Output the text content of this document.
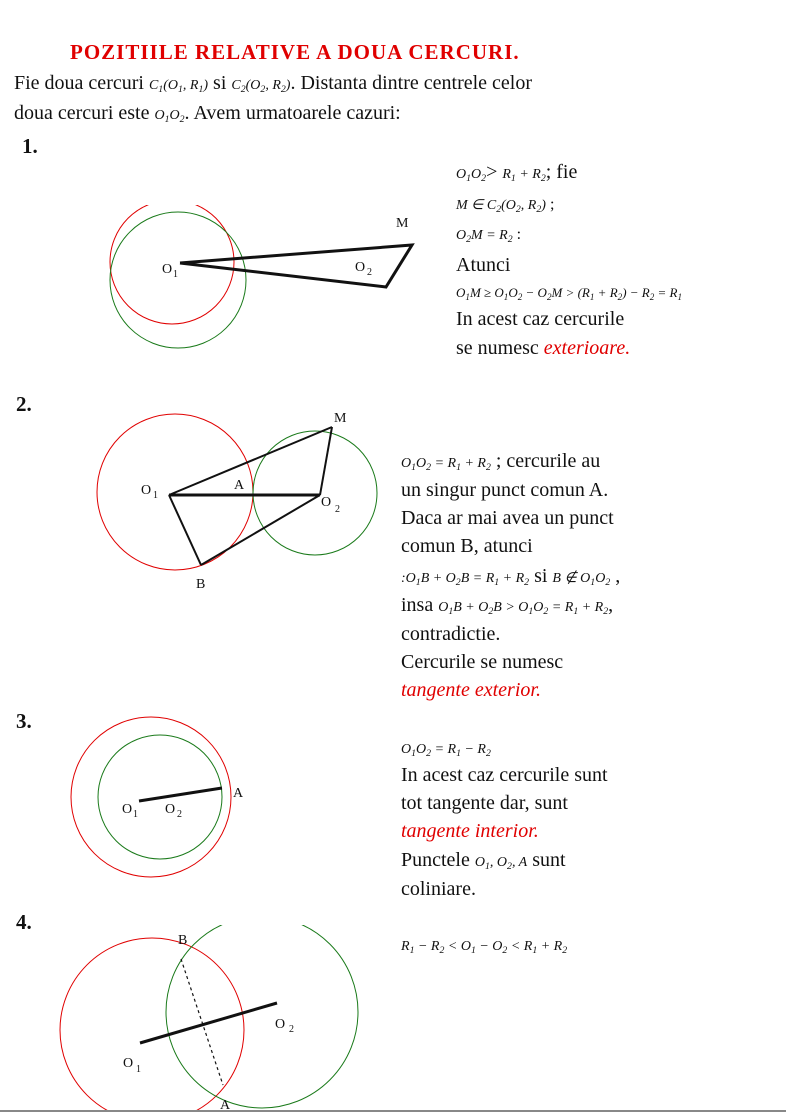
POZITIILE RELATIVE A DOUA CERCURI.
Fie doua cercuri $C_1(O_1$, $R_1$) si $C_2(O_2$, $R_2$). Distanta dintre centrele celor
doua cercuri este $O_1O_2$. Avem urmatoarele cazuri:
1.
O 1	O 2
M
$O_1O_2> R_1 + R_2$; fie
M ∈ $C_2(O_2$, $R_2$) ;
$O_2M = R_2$ :
Atunci
$O_1M \ge O_1O_2 - O_2M > (R_1 + R_2) - R_2 = R_1$
In acest caz cercurile
se numesc exterioare.
2.
O 1	O 2
M
A
B
$O_1O_2 = R_1 + R_2$ ; cercurile au
un singur punct comun A.
Daca ar mai avea un punct
comun B, atunci
$:O_1B + O_2B = R_1 + R_2$ si B ∉ $O_1O_2$ ,
insa $O_1B + O_2B > O_1O_2 = R_1 + R_2$,
contradictie.
Cercurile se numesc
tangente exterior.
3.
O 1 O 2
A
$O_1O_2 = R_1 - R_2$
In acest caz cercurile sunt
tot tangente dar, sunt
tangente interior.
Punctele $O_1$, $O_2$, A sunt
coliniare.
4.
O 1
O 2
B
A
$R_1 - R_2 < O_1 - O_2 < R_1 + R_2$
